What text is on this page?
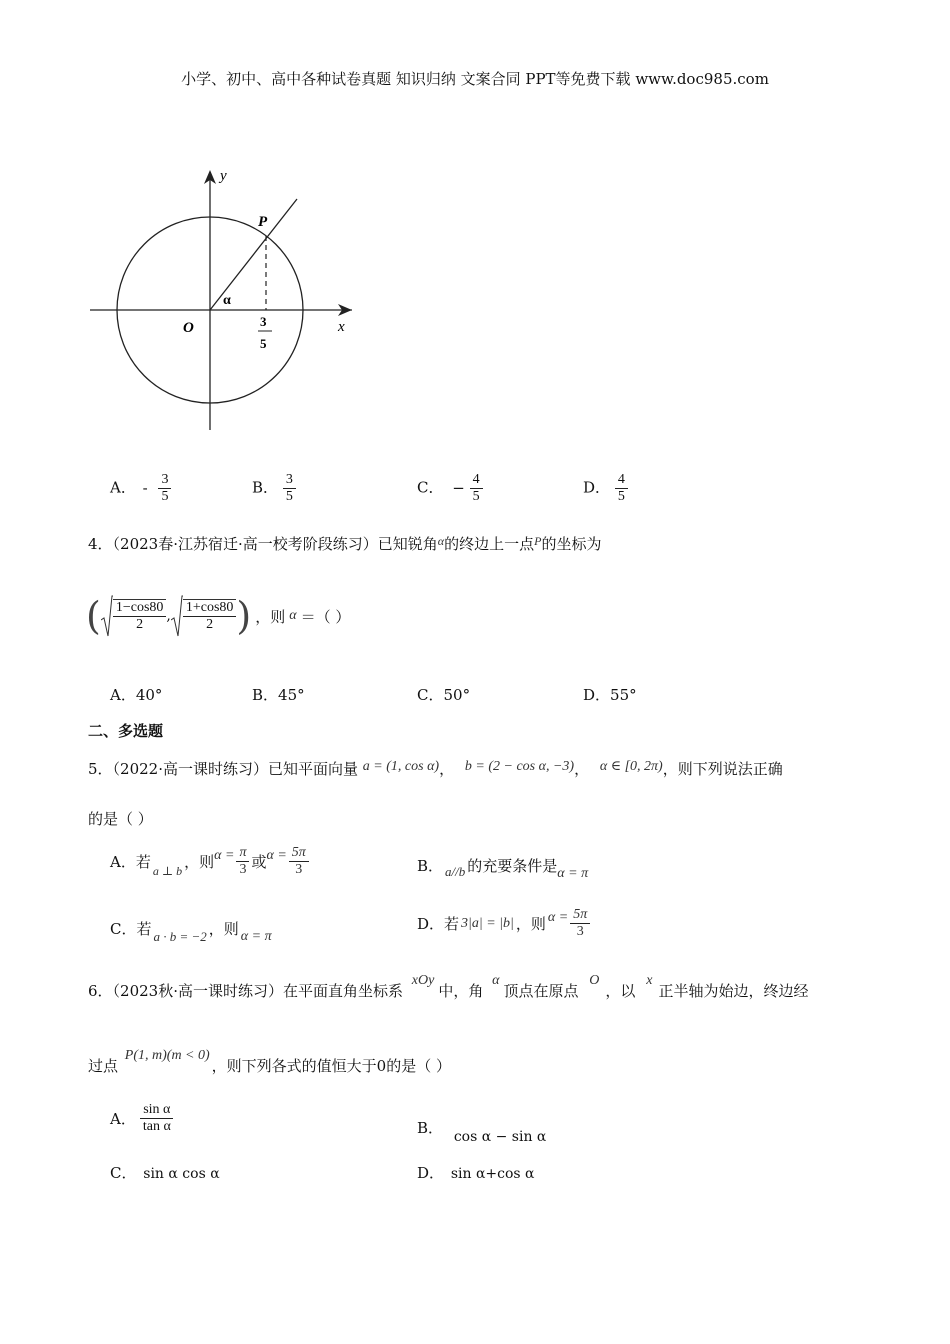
小学、初中、高中各种试卷真题 知识归纳 文案合同 PPT等免费下载 www.doc985.com
y
x
O
P
α
3
5
A． - $\frac{3}{5}$	B． $\frac{3}{5}$	C． − $\frac{4}{5}$	D． $\frac{4}{5}$
4．（2023春·江苏宿迁·高一校考阶段练习）已知锐角$^\alpha$的终边上一点$^P$的坐标为
( $\frac{1-\cos 80}{2}$ , $\frac{1+\cos 80}{2}$ ) ，则 α ＝（ ）
A．40°	B．45°	C．50°	D．55°
二、多选题
5．（2022·高一课时练习）已知平面向量 a = (1, cos α)， b = (2 − cos α, −3)， α ∈ [0, 2π)，则下列说法正确
的是（ ）
A．若 a ⊥ b ，则 $\alpha = \frac{\pi}{3}$ 或 $\alpha = \frac{5\pi}{3}$	B． a//b 的充要条件是 α = π
C．若 a · b = −2 ，则 α = π
D．若 3|a| = |b| ，则 $\alpha = \frac{5\pi}{3}$
6．（2023秋·高一课时练习）在平面直角坐标系 xOy中，角 α顶点在原点 O，以 x正半轴为始边，终边经
过点 P(1, m)(m < 0)，则下列各式的值恒大于0的是（ ）
A． $\frac{\text{sin α}}{\text{tan α}}$	B． cos α − sin α
C． sin α cos α	D． sin α+cos α
